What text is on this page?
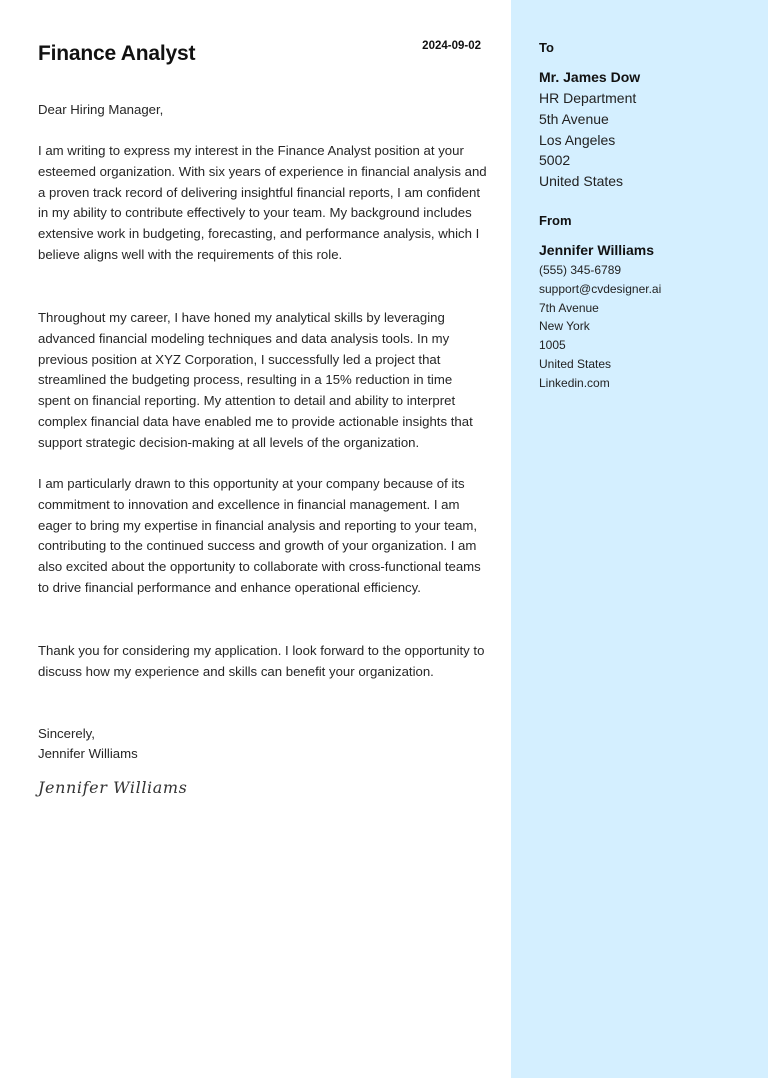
Finance Analyst	2024-09-02

Dear Hiring Manager,

I am writing to express my interest in the Finance Analyst position at your esteemed organization. With six years of experience in financial analysis and a proven track record of delivering insightful financial reports, I am confident in my ability to contribute effectively to your team. My background includes extensive work in budgeting, forecasting, and performance analysis, which I believe aligns well with the requirements of this role.

Throughout my career, I have honed my analytical skills by leveraging advanced financial modeling techniques and data analysis tools. In my previous position at XYZ Corporation, I successfully led a project that streamlined the budgeting process, resulting in a 15% reduction in time spent on financial reporting. My attention to detail and ability to interpret complex financial data have enabled me to provide actionable insights that support strategic decision-making at all levels of the organization.

I am particularly drawn to this opportunity at your company because of its commitment to innovation and excellence in financial management. I am eager to bring my expertise in financial analysis and reporting to your team, contributing to the continued success and growth of your organization. I am also excited about the opportunity to collaborate with cross-functional teams to drive financial performance and enhance operational efficiency.

Thank you for considering my application. I look forward to the opportunity to discuss how my experience and skills can benefit your organization.

Sincerely,

Jennifer Williams

Jennifer Williams
To
Mr. James Dow
HR Department
5th Avenue
Los Angeles
5002
United States
From
Jennifer Williams
(555) 345-6789
support@cvdesigner.ai
7th Avenue
New York
1005
United States
Linkedin.com
